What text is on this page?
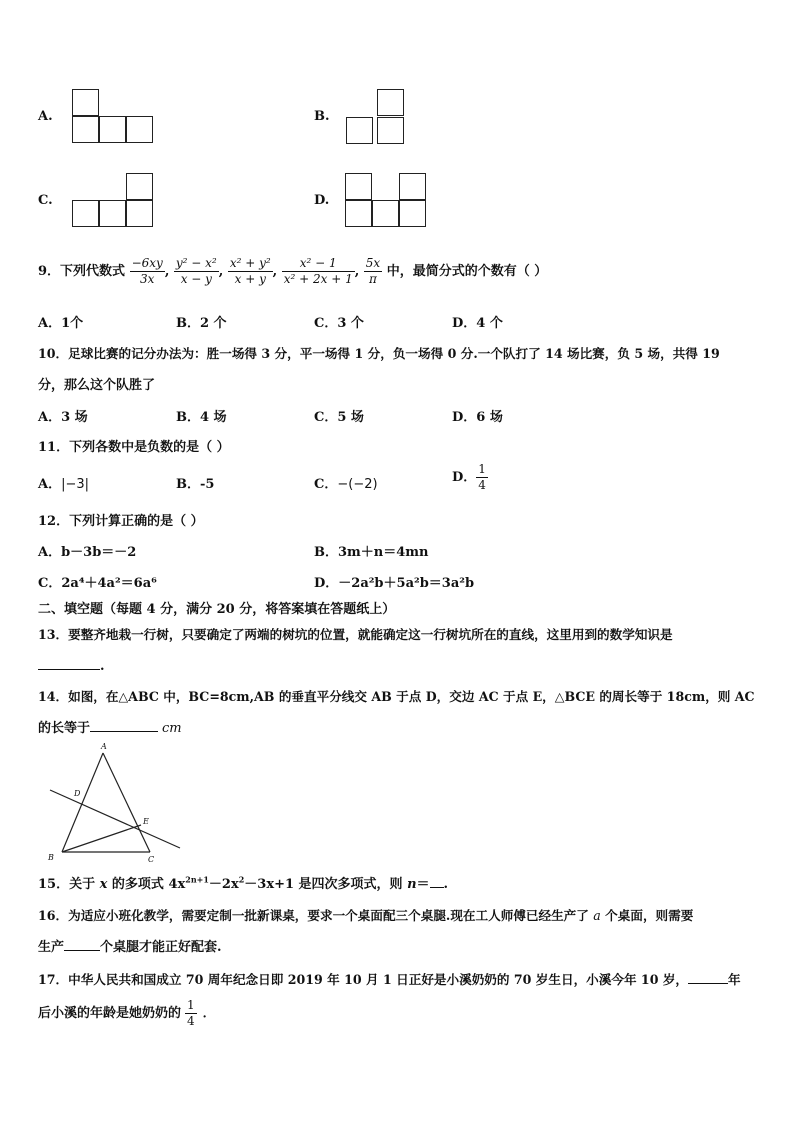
A.	B.
C.	D.
9．下列代数式 $\frac{-6xy}{3x}$ , $\frac{\text{y² − x²}}{x - y}$ , $\frac{\text{x² + y²}}{x + y}$ , $\frac{\text{x² − 1}}{\text{x² + 2x + 1}}$ , $\frac{5x}{\pi}$ 中，最简分式的个数有（ ）
A．1个	B．2 个	C．3 个	D．4 个
10．足球比赛的记分办法为：胜一场得 3 分，平一场得 1 分，负一场得 0 分.一个队打了 14 场比赛，负 5 场，共得 19
分，那么这个队胜了
A．3 场	B．4 场	C．5 场	D．6 场
11．下列各数中是负数的是（ ）
A．|−3|	B．-5	C．−(−2)	D． $\frac{1}{4}$
12．下列计算正确的是（ ）
A．b－3b＝－2	B．3m＋n＝4mn
C．2a⁴＋4a²＝6a⁶	D．－2a²b＋5a²b＝3a²b
二、填空题（每题 4 分，满分 20 分，将答案填在答题纸上）
13．要整齐地栽一行树，只要确定了两端的树坑的位置，就能确定这一行树坑所在的直线，这里用到的数学知识是
.
14．如图，在△ABC 中，BC=8cm,AB 的垂直平分线交 AB 于点 D，交边 AC 于点 E，△BCE 的周长等于 18cm，则 AC
的长等于	cm
A
D
E
B	C
15．关于 x 的多项式 $4x^{2n+1}-2x^2-3x+1$ 是四次多项式，则 n＝ .
16．为适应小班化教学，需要定制一批新课桌，要求一个桌面配三个桌腿.现在工人师傅已经生产了 a 个桌面，则需要
生产	个桌腿才能正好配套.
17．中华人民共和国成立 70 周年纪念日即 2019 年 10 月 1 日正好是小溪奶奶的 70 岁生日，小溪今年 10 岁，	年
后小溪的年龄是她奶奶的 $\frac{1}{4}$ ．
